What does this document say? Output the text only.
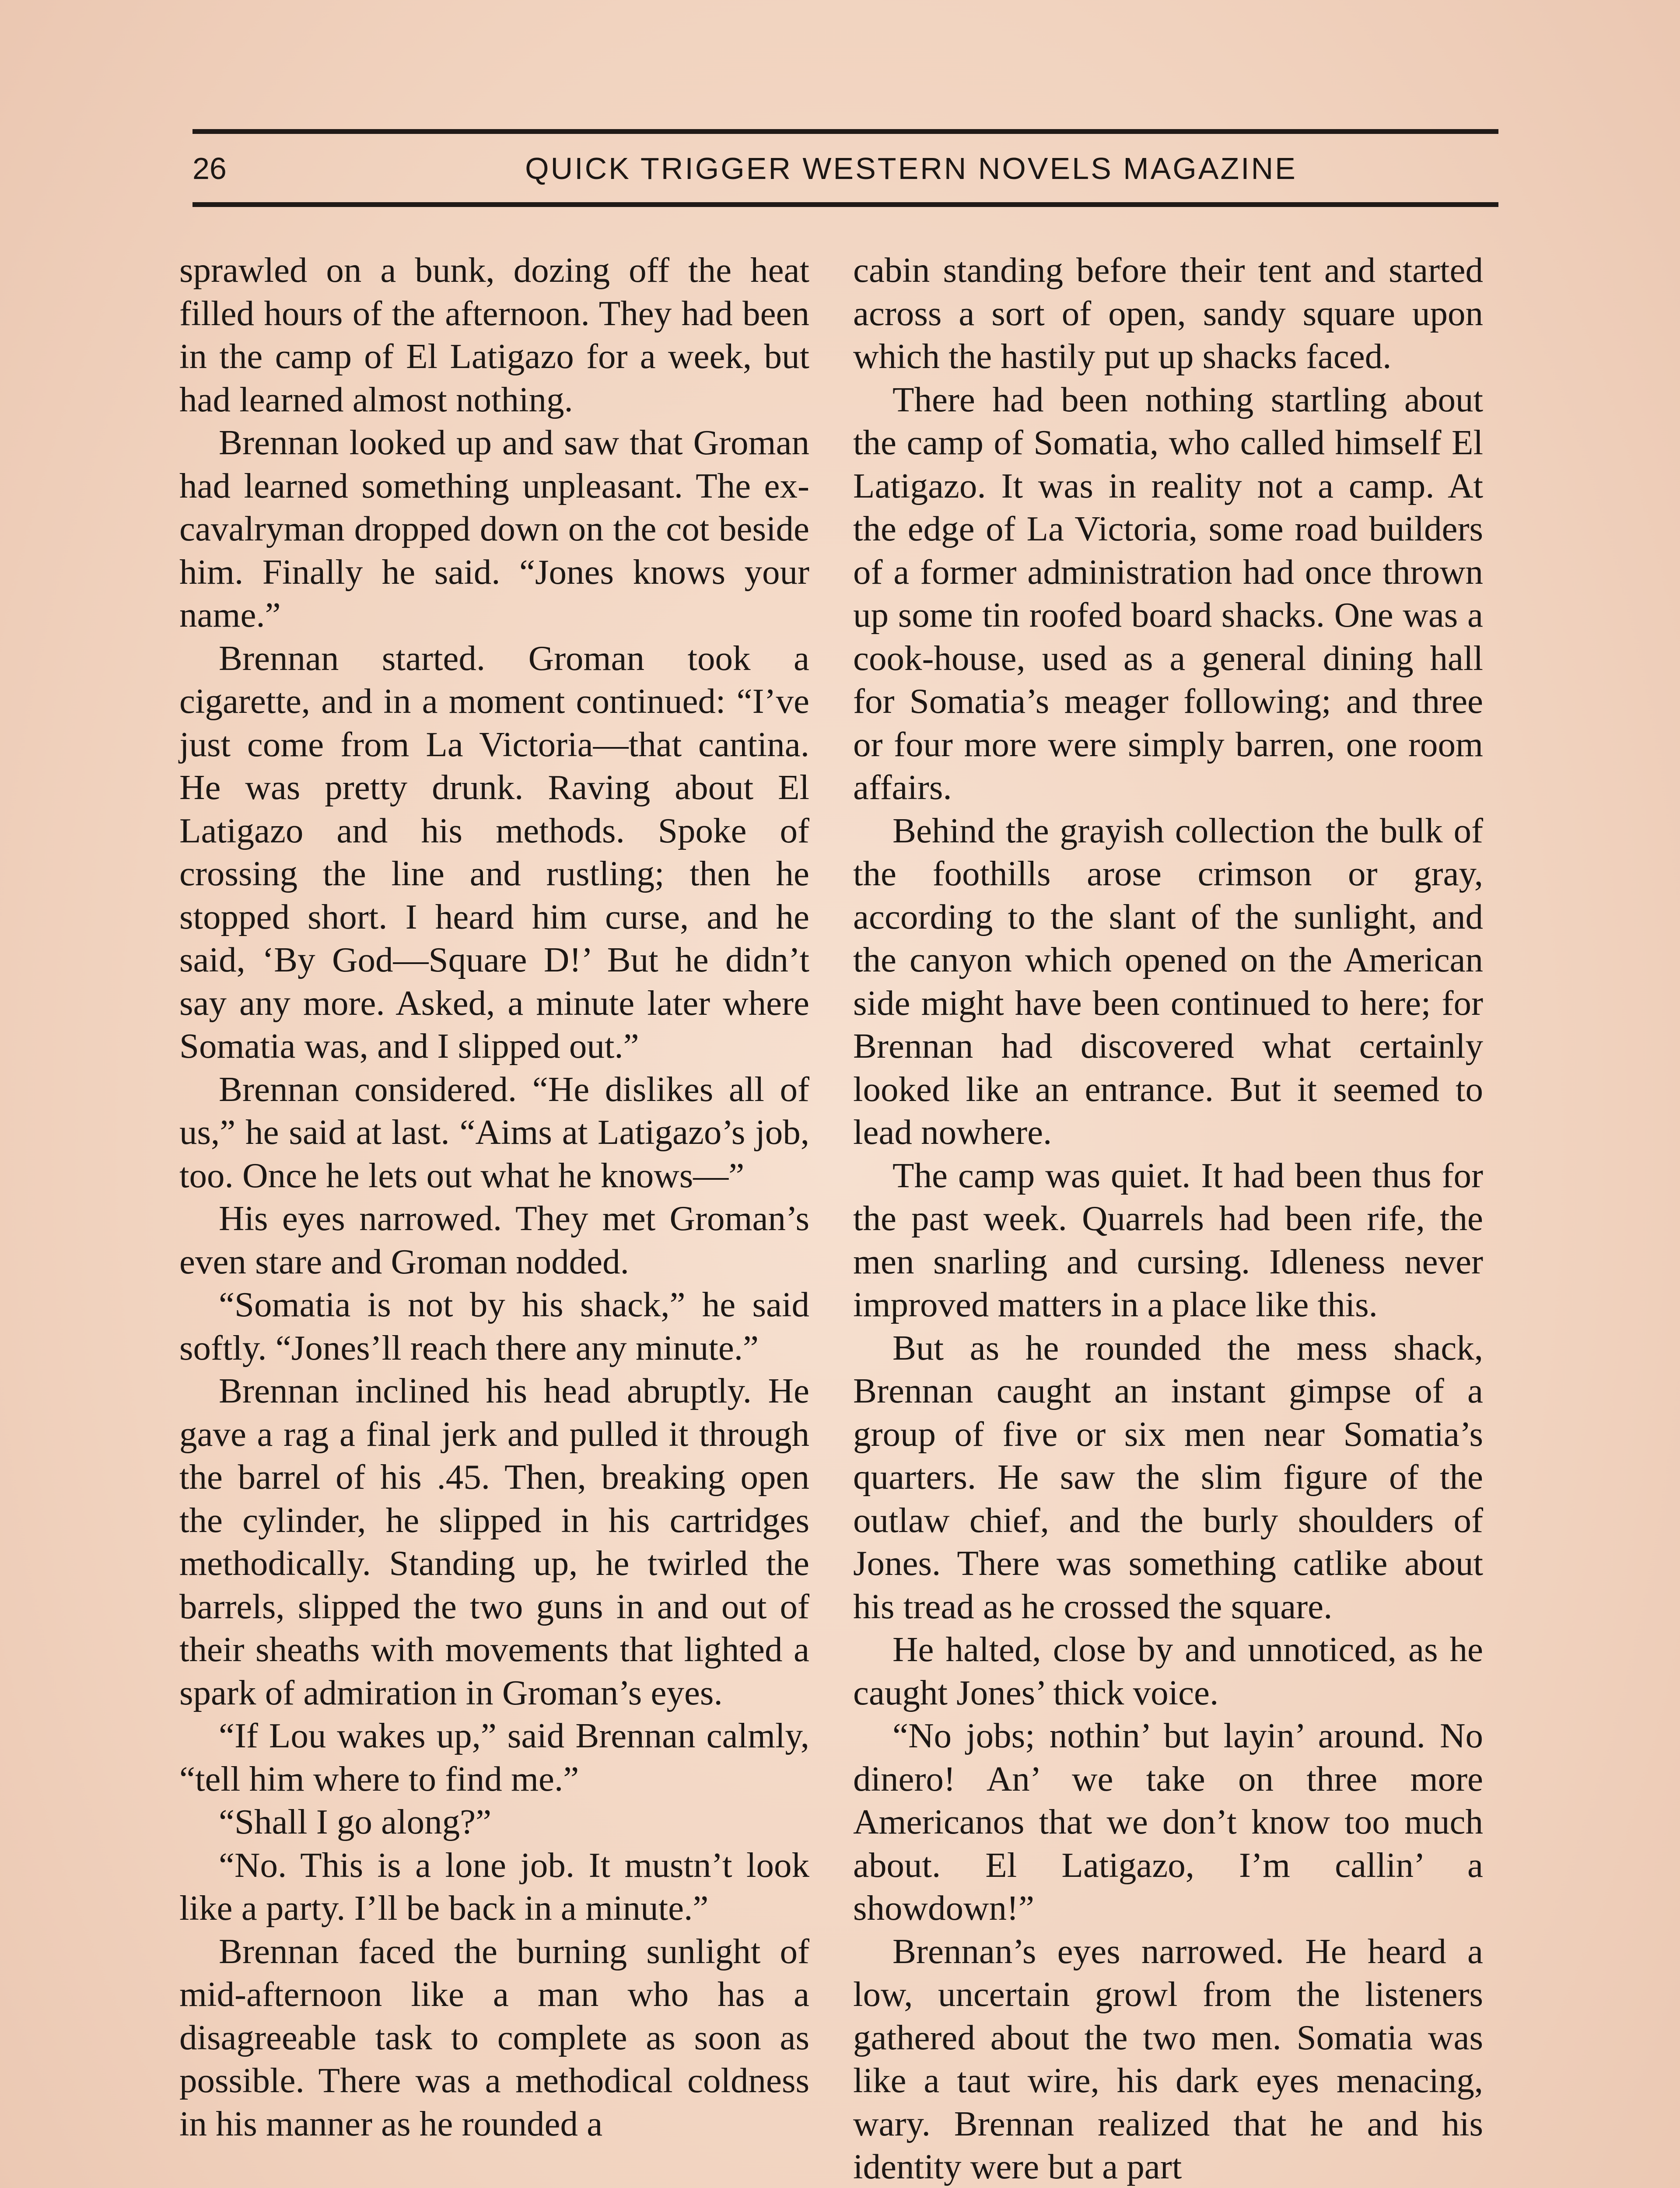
26	QUICK TRIGGER WESTERN NOVELS MAGAZINE

sprawled on a bunk, dozing off the heat filled hours of the afternoon. They had been in the camp of El Latigazo for a week, but had learned almost nothing.

Brennan looked up and saw that Groman had learned something unpleasant. The ex-cavalryman dropped down on the cot beside him. Finally he said. “Jones knows your name.”

Brennan started. Groman took a cigarette, and in a moment continued: “I’ve just come from La Victoria—that cantina. He was pretty drunk. Raving about El Latigazo and his methods. Spoke of crossing the line and rustling; then he stopped short. I heard him curse, and he said, ‘By God—Square D!’ But he didn’t say any more. Asked, a minute later where Somatia was, and I slipped out.”

Brennan considered. “He dislikes all of us,” he said at last. “Aims at Latigazo’s job, too. Once he lets out what he knows—”

His eyes narrowed. They met Groman’s even stare and Groman nodded.

“Somatia is not by his shack,” he said softly. “Jones’ll reach there any minute.”

Brennan inclined his head abruptly. He gave a rag a final jerk and pulled it through the barrel of his .45. Then, breaking open the cylinder, he slipped in his cartridges methodically. Standing up, he twirled the barrels, slipped the two guns in and out of their sheaths with movements that lighted a spark of admiration in Groman’s eyes.

“If Lou wakes up,” said Brennan calmly, “tell him where to find me.”

“Shall I go along?”

“No. This is a lone job. It mustn’t look like a party. I’ll be back in a minute.”

Brennan faced the burning sunlight of mid-afternoon like a man who has a disagreeable task to complete as soon as possible. There was a methodical coldness in his manner as he rounded a

cabin standing before their tent and started across a sort of open, sandy square upon which the hastily put up shacks faced.

There had been nothing startling about the camp of Somatia, who called himself El Latigazo. It was in reality not a camp. At the edge of La Victoria, some road builders of a former administration had once thrown up some tin roofed board shacks. One was a cook-house, used as a general dining hall for Somatia’s meager following; and three or four more were simply barren, one room affairs.

Behind the grayish collection the bulk of the foothills arose crimson or gray, according to the slant of the sunlight, and the canyon which opened on the American side might have been continued to here; for Brennan had discovered what certainly looked like an entrance. But it seemed to lead nowhere.

The camp was quiet. It had been thus for the past week. Quarrels had been rife, the men snarling and cursing. Idleness never improved matters in a place like this.

But as he rounded the mess shack, Brennan caught an instant gimpse of a group of five or six men near Somatia’s quarters. He saw the slim figure of the outlaw chief, and the burly shoulders of Jones. There was something catlike about his tread as he crossed the square.

He halted, close by and unnoticed, as he caught Jones’ thick voice.

“No jobs; nothin’ but layin’ around. No dinero! An’ we take on three more Americanos that we don’t know too much about. El Latigazo, I’m callin’ a showdown!”

Brennan’s eyes narrowed. He heard a low, uncertain growl from the listeners gathered about the two men. Somatia was like a taut wire, his dark eyes menacing, wary. Brennan realized that he and his identity were but a part
